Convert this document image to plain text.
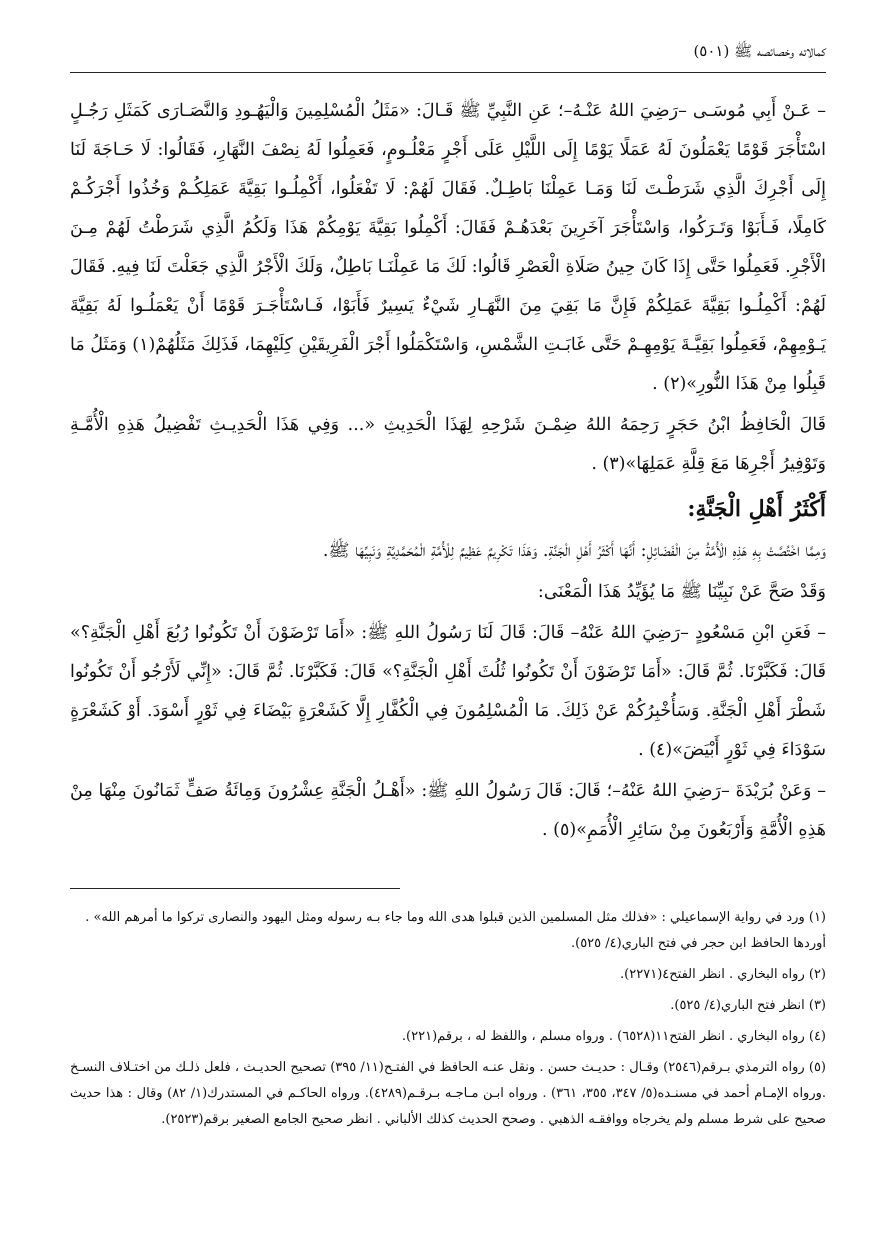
كمالاته وخصائصه ﷺ (٥٠١)

– عَـنْ أَبِي مُوسَـى –رَضِيَ اللهُ عَنْـهُ–؛ عَنِ النَّبِيِّ ﷺ قَـالَ: «مَثَلُ الْمُسْلِمِينَ وَالْيَهُـودِ وَالنَّصَـارَى كَمَثَلِ رَجُـلٍ اسْتَأْجَرَ قَوْمًا يَعْمَلُونَ لَهُ عَمَلًا يَوْمًا إِلَى اللَّيْلِ عَلَى أَجْرٍ مَعْلُـومٍ، فَعَمِلُوا لَهُ نِصْفَ النَّهَارِ، فَقَالُوا: لَا حَـاجَةَ لَنَا إِلَى أَجْرِكَ الَّذِي شَرَطْـتَ لَنَا وَمَـا عَمِلْنَا بَاطِـلٌ. فَقَالَ لَهُمْ: لَا تَفْعَلُوا، أَكْمِلُـوا بَقِيَّةَ عَمَلِكُـمْ وَخُذُوا أَجْرَكُـمْ كَامِلًا، فَـأَبَوْا وَتَـرَكُوا، وَاسْتَأْجَرَ آخَرِينَ بَعْدَهُـمْ فَقَالَ: أَكْمِلُوا بَقِيَّةَ يَوْمِكُمْ هَذَا وَلَكُمُ الَّذِي شَرَطْتُ لَهُمْ مِـنَ الْأَجْرِ. فَعَمِلُوا حَتَّى إِذَا كَانَ حِينُ صَلَاةِ الْعَصْرِ قَالُوا: لَكَ مَا عَمِلْنَـا بَاطِلٌ، وَلَكَ الْأَجْرُ الَّذِي جَعَلْتَ لَنَا فِيهِ. فَقَالَ لَهُمْ: أَكْمِلُـوا بَقِيَّةَ عَمَلِكُمْ فَإِنَّ مَا بَقِيَ مِنَ النَّهَـارِ شَيْءٌ يَسِيرٌ فَأَبَوْا، فَـاسْتَأْجَـرَ قَوْمًا أَنْ يَعْمَلُـوا لَهُ بَقِيَّةَ يَـوْمِهِمْ، فَعَمِلُوا بَقِيَّـةَ يَوْمِهِـمْ حَتَّى غَابَـتِ الشَّمْسِ، وَاسْتَكْمَلُوا أَجْرَ الْفَرِيقَيْنِ كِلَيْهِمَا، فَذَلِكَ مَثَلُهُمْ(١) وَمَثَلُ مَا قَبِلُوا مِنْ هَذَا النُّورِ»(٢) .

قَالَ الْحَافِظُ ابْنُ حَجَرٍ رَحِمَهُ اللهُ ضِمْـنَ شَرْحِهِ لِهَذَا الْحَدِيثِ «... وَفِي هَذَا الْحَدِيـثِ تَفْضِيلُ هَذِهِ الْأُمَّـةِ وَتَوْفِيرُ أَجْرِهَا مَعَ قِلَّةِ عَمَلِهَا»(٣) .

أَكْثَرُ أَهْلِ الْجَنَّةِ:

وَمِمَّا اخْتُصَّتْ بِهِ هَذِهِ الْأُمَّةُ مِنَ الْفَضَائِلِ: أَنَّهَا أَكْثَرُ أَهْلِ الْجَنَّةِ. وَهَذَا تَكْرِيمٌ عَظِيمٌ لِلْأُمَّةِ الْمُحَمَّدِيَّةِ وَنَبِيِّهَا ﷺ.

وَقَدْ صَحَّ عَنْ نَبِيِّنَا ﷺ مَا يُؤَيِّدُ هَذَا الْمَعْنَى:

– فَعَنِ ابْنِ مَسْعُودٍ –رَضِيَ اللهُ عَنْهُ– قَالَ: قَالَ لَنَا رَسُولُ اللهِ ﷺ: «أَمَا تَرْضَوْنَ أَنْ تَكُونُوا رُبُعَ أَهْلِ الْجَنَّةِ؟» قَالَ: فَكَبَّرْنَا. ثُمَّ قَالَ: «أَمَا تَرْضَوْنَ أَنْ تَكُونُوا ثُلُثَ أَهْلِ الْجَنَّةِ؟» قَالَ: فَكَبَّرْنَا. ثُمَّ قَالَ: «إِنِّي لَأَرْجُو أَنْ تَكُونُوا شَطْرَ أَهْلِ الْجَنَّةِ. وَسَأُخْبِرُكُمْ عَنْ ذَلِكَ. مَا الْمُسْلِمُونَ فِي الْكُفَّارِ إِلَّا كَشَعْرَةٍ بَيْضَاءَ فِي ثَوْرٍ أَسْوَدَ. أَوْ كَشَعْرَةٍ سَوْدَاءَ فِي ثَوْرٍ أَبْيَضَ»(٤) .

– وَعَنْ بُرَيْدَةَ –رَضِيَ اللهُ عَنْهُ–؛ قَالَ: قَالَ رَسُولُ اللهِ ﷺ: «أَهْـلُ الْجَنَّةِ عِشْرُونَ وَمِائَةُ صَفٍّ ثَمَانُونَ مِنْهَا مِنْ هَذِهِ الْأُمَّةِ وَأَرْبَعُونَ مِنْ سَائِرِ الْأُمَمِ»(٥) .

(١) ورد في رواية الإسماعيلي : «فذلك مثل المسلمين الذين قبلوا هدى الله وما جاء بـه رسوله ومثل اليهود والنصارى تركوا ما أمرهم الله» .
أوردها الحافظ ابن حجر في فتح الباري(٤/ ٥٢٥).

(٢) رواه البخاري . انظر الفتح٤(٢٢٧١).

(٣) انظر فتح الباري(٤/ ٥٢٥).

(٤) رواه البخاري . انظر الفتح١١(٦٥٢٨) . ورواه مسلم ، واللفظ له ، برقم(٢٢١).

(٥) رواه الترمذي بـرقم(٢٥٤٦) وقـال : حديـث حسن . ونقل عنـه الحافظ في الفتـح(١١/ ٣٩٥) تصحيح الحديـث ، فلعل ذلـك من اختـلاف النسـخ .ورواه الإمـام أحمد في مسنـده(٥/ ٣٤٧، ٣٥٥، ٣٦١) . ورواه ابـن مـاجـه بـرقـم(٤٢٨٩). ورواه الحاكـم في المستدرك(١/ ٨٢) وقال : هذا حديث صحيح على شرط مسلم ولم يخرجاه ووافقـه الذهبي . وصحح الحديث كذلك الألباني . انظر صحيح الجامع الصغير برقم(٢٥٢٣).
